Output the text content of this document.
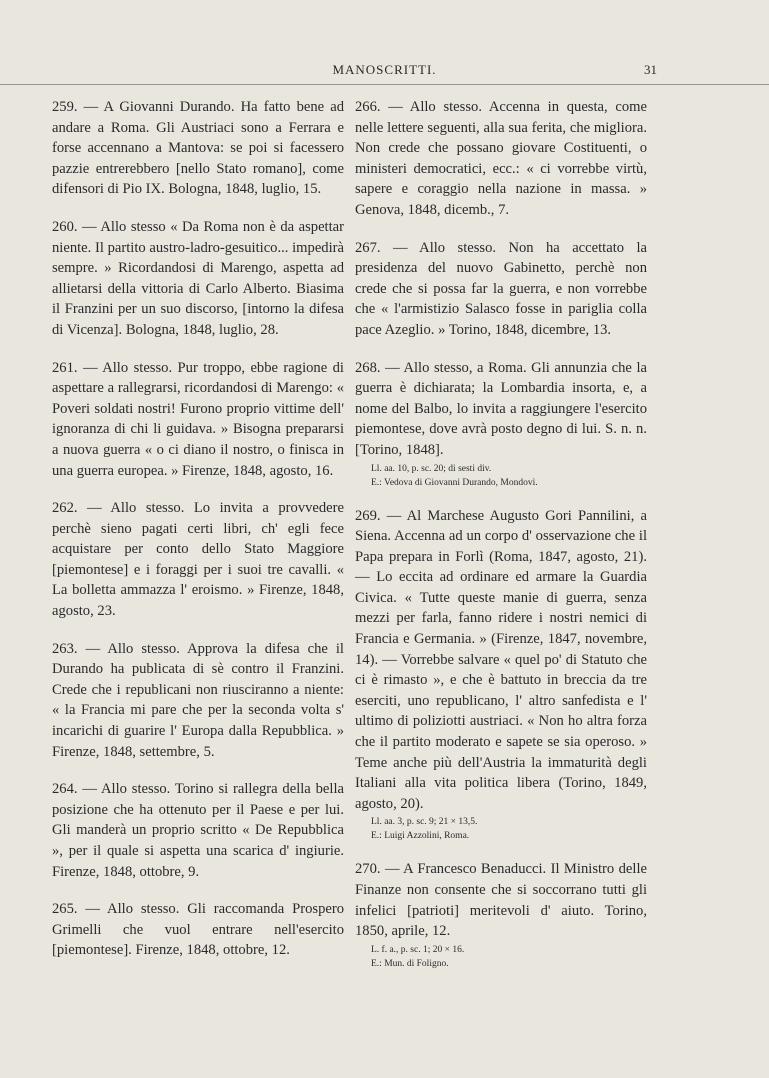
MANOSCRITTI.	31

259. — A Giovanni Durando. Ha fatto bene ad andare a Roma. Gli Austriaci sono a Ferrara e forse accennano a Mantova: se poi si facessero pazzie entrerebbero [nello Stato romano], come difensori di Pio IX. Bologna, 1848, luglio, 15.

260. — Allo stesso « Da Roma non è da aspettar niente. Il partito austro-ladro-gesuitico... impedirà sempre. » Ricordandosi di Marengo, aspetta ad allietarsi della vittoria di Carlo Alberto. Biasima il Franzini per un suo discorso, [intorno la difesa di Vicenza]. Bologna, 1848, luglio, 28.

261. — Allo stesso. Pur troppo, ebbe ragione di aspettare a rallegrarsi, ricordandosi di Marengo: « Poveri soldati nostri! Furono proprio vittime dell' ignoranza di chi li guidava. » Bisogna prepararsi a nuova guerra « o ci diano il nostro, o finisca in una guerra europea. » Firenze, 1848, agosto, 16.

262. — Allo stesso. Lo invita a provvedere perchè sieno pagati certi libri, ch' egli fece acquistare per conto dello Stato Maggiore [piemontese] e i foraggi per i suoi tre cavalli. « La bolletta ammazza l' eroismo. » Firenze, 1848, agosto, 23.

263. — Allo stesso. Approva la difesa che il Durando ha publicata di sè contro il Franzini. Crede che i republicani non riusciranno a niente: « la Francia mi pare che per la seconda volta s' incarichi di guarire l' Europa dalla Repubblica. » Firenze, 1848, settembre, 5.

264. — Allo stesso. Torino si rallegra della bella posizione che ha ottenuto per il Paese e per lui. Gli manderà un proprio scritto « De Repubblica », per il quale si aspetta una scarica d' ingiurie. Firenze, 1848, ottobre, 9.

265. — Allo stesso. Gli raccomanda Prospero Grimelli che vuol entrare nell'esercito [piemontese]. Firenze, 1848, ottobre, 12.

266. — Allo stesso. Accenna in questa, come nelle lettere seguenti, alla sua ferita, che migliora. Non crede che possano giovare Costituenti, o ministeri democratici, ecc.: « ci vorrebbe virtù, sapere e coraggio nella nazione in massa. » Genova, 1848, dicemb., 7.

267. — Allo stesso. Non ha accettato la presidenza del nuovo Gabinetto, perchè non crede che si possa far la guerra, e non vorrebbe che « l'armistizio Salasco fosse in pariglia colla pace Azeglio. » Torino, 1848, dicembre, 13.

268. — Allo stesso, a Roma. Gli annunzia che la guerra è dichiarata; la Lombardia insorta, e, a nome del Balbo, lo invita a raggiungere l'esercito piemontese, dove avrà posto degno di lui. S. n. n. [Torino, 1848].

Ll. aa. 10, p. sc. 20; di sesti div.

E.: Vedova di Giovanni Durando, Mondovì.

269. — Al Marchese Augusto Gori Pannilini, a Siena. Accenna ad un corpo d' osservazione che il Papa prepara in Forlì (Roma, 1847, agosto, 21). — Lo eccita ad ordinare ed armare la Guardia Civica. « Tutte queste manie di guerra, senza mezzi per farla, fanno ridere i nostri nemici di Francia e Germania. » (Firenze, 1847, novembre, 14). — Vorrebbe salvare « quel po' di Statuto che ci è rimasto », e che è battuto in breccia da tre eserciti, uno republicano, l' altro sanfedista e l' ultimo di poliziotti austriaci. « Non ho altra forza che il partito moderato e sapete se sia operoso. » Teme anche più dell'Austria la immaturità degli Italiani alla vita politica libera (Torino, 1849, agosto, 20).

Ll. aa. 3, p. sc. 9; 21 × 13,5.

E.: Luigi Azzolini, Roma.

270. — A Francesco Benaducci. Il Ministro delle Finanze non consente che si soccorrano tutti gli infelici [patrioti] meritevoli d' aiuto. Torino, 1850, aprile, 12.

L. f. a., p. sc. 1; 20 × 16.

E.: Mun. di Foligno.
